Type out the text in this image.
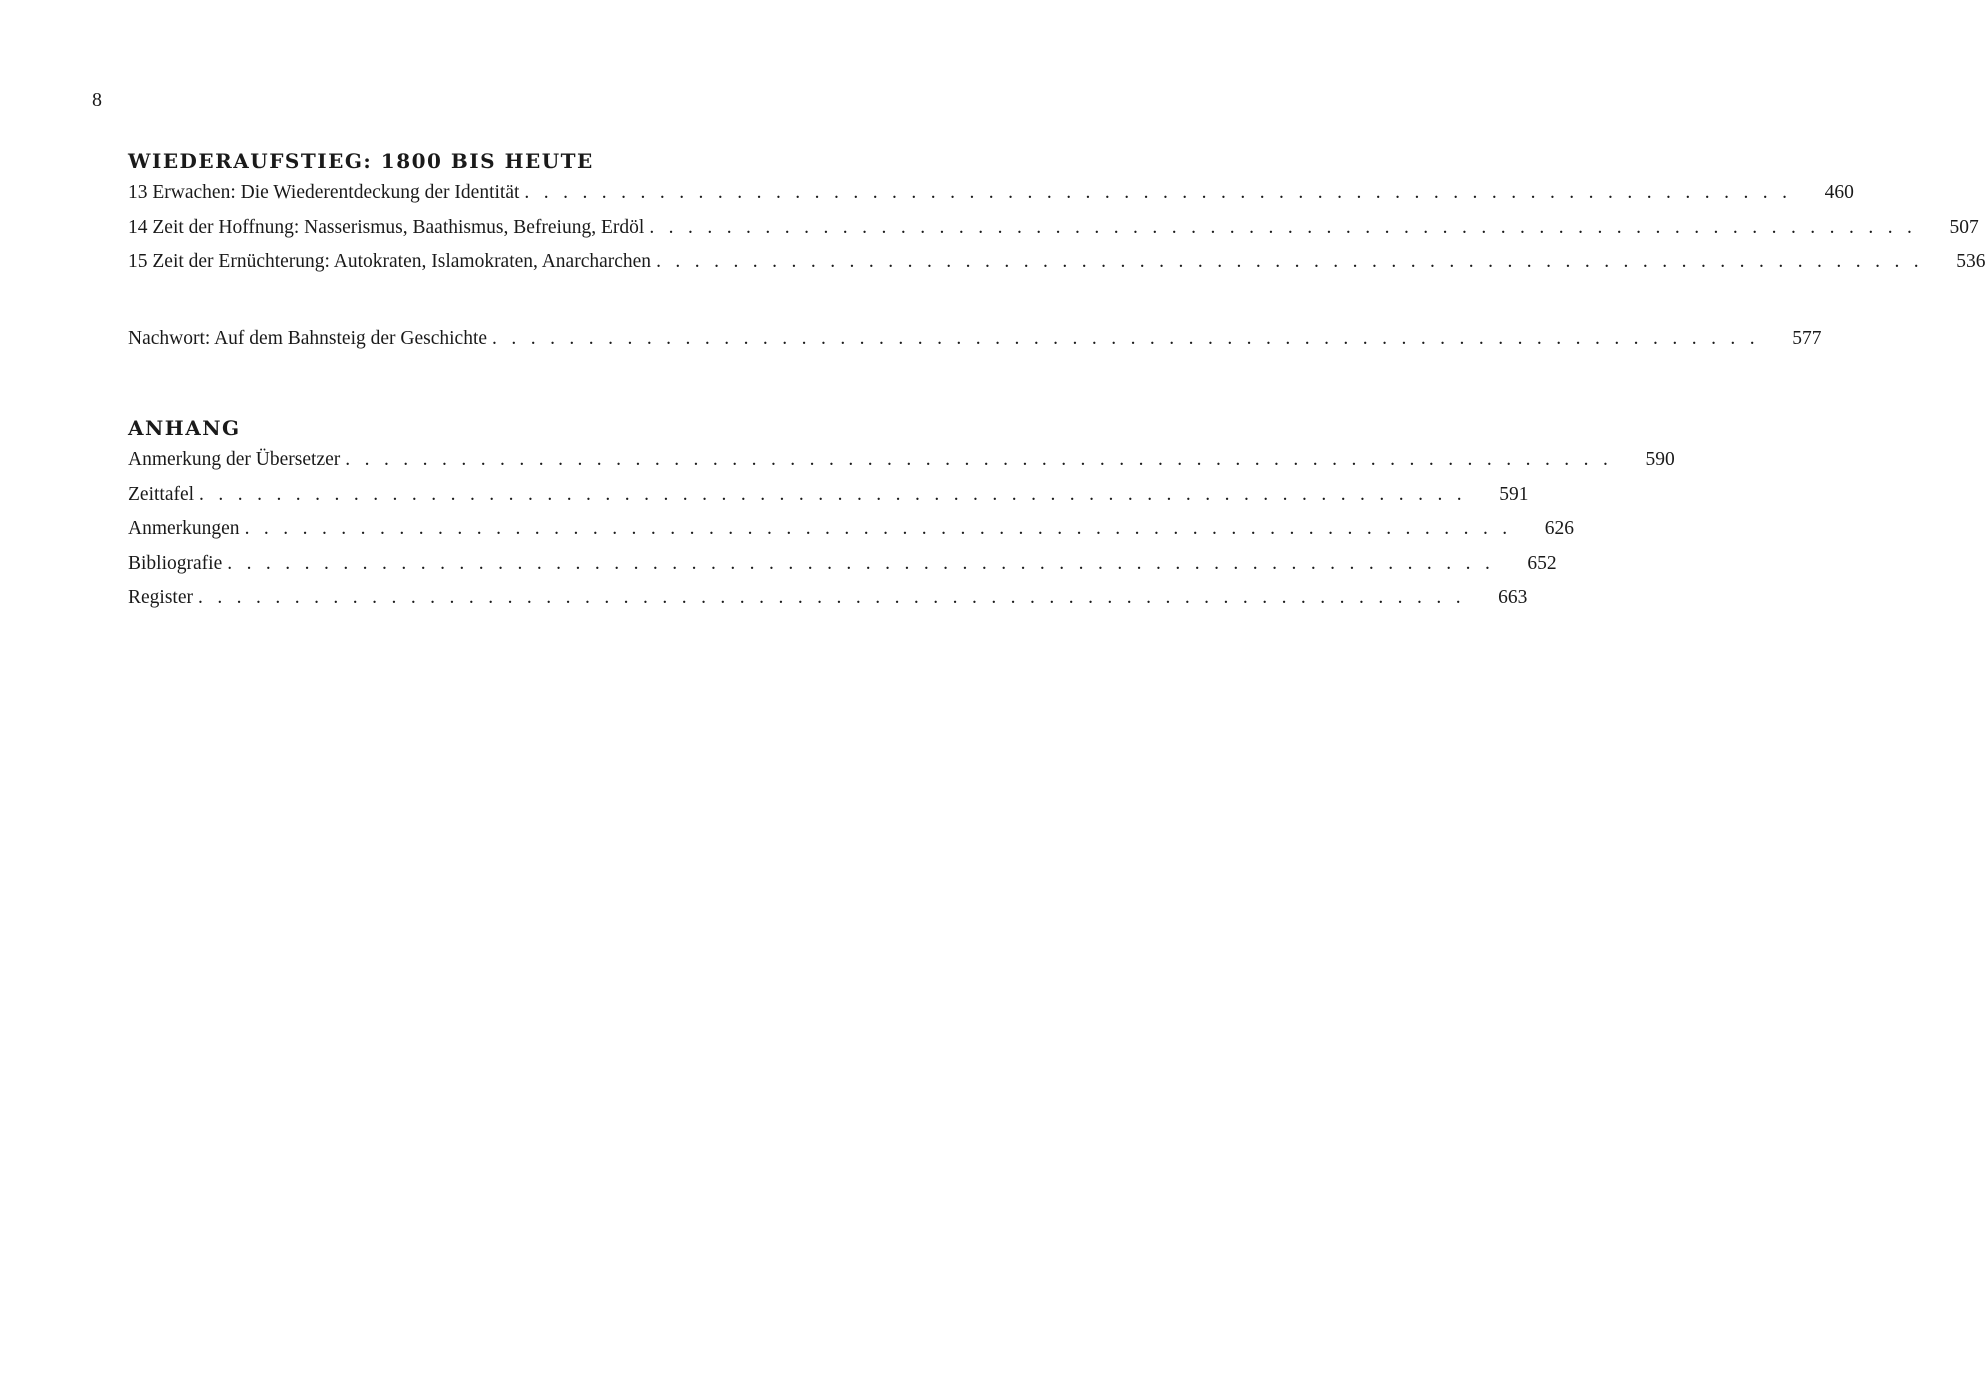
8
WIEDERAUFSTIEG: 1800 BIS HEUTE
13 Erwachen: Die Wiederentdeckung der Identität . . . . . . . . . . . . . . . . . . . . . . . . . . . . . . . . . . . . . . . . . . . . . . . . . . . . . . . . . . . . . . . . . .	460
14 Zeit der Hoffnung: Nasserismus, Baathismus, Befreiung, Erdöl . . . . . . . . . . . . . . . . . . . . . . . . . . . . . . . . . . . . . . . . . . . . . . . . . . . . . . . . . . . . . . . . . .	507
15 Zeit der Ernüchterung: Autokraten, Islamokraten, Anarcharchen . . . . . . . . . . . . . . . . . . . . . . . . . . . . . . . . . . . . . . . . . . . . . . . . . . . . . . . . . . . . . . . . . .	536
Nachwort: Auf dem Bahnsteig der Geschichte . . . . . . . . . . . . . . . . . . . . . . . . . . . . . . . . . . . . . . . . . . . . . . . . . . . . . . . . . . . . . . . . . .	577
ANHANG
Anmerkung der Übersetzer . . . . . . . . . . . . . . . . . . . . . . . . . . . . . . . . . . . . . . . . . . . . . . . . . . . . . . . . . . . . . . . . . .	590
Zeittafel . . . . . . . . . . . . . . . . . . . . . . . . . . . . . . . . . . . . . . . . . . . . . . . . . . . . . . . . . . . . . . . . . .	591
Anmerkungen . . . . . . . . . . . . . . . . . . . . . . . . . . . . . . . . . . . . . . . . . . . . . . . . . . . . . . . . . . . . . . . . . .	626
Bibliografie . . . . . . . . . . . . . . . . . . . . . . . . . . . . . . . . . . . . . . . . . . . . . . . . . . . . . . . . . . . . . . . . . .	652
Register . . . . . . . . . . . . . . . . . . . . . . . . . . . . . . . . . . . . . . . . . . . . . . . . . . . . . . . . . . . . . . . . . .	663
